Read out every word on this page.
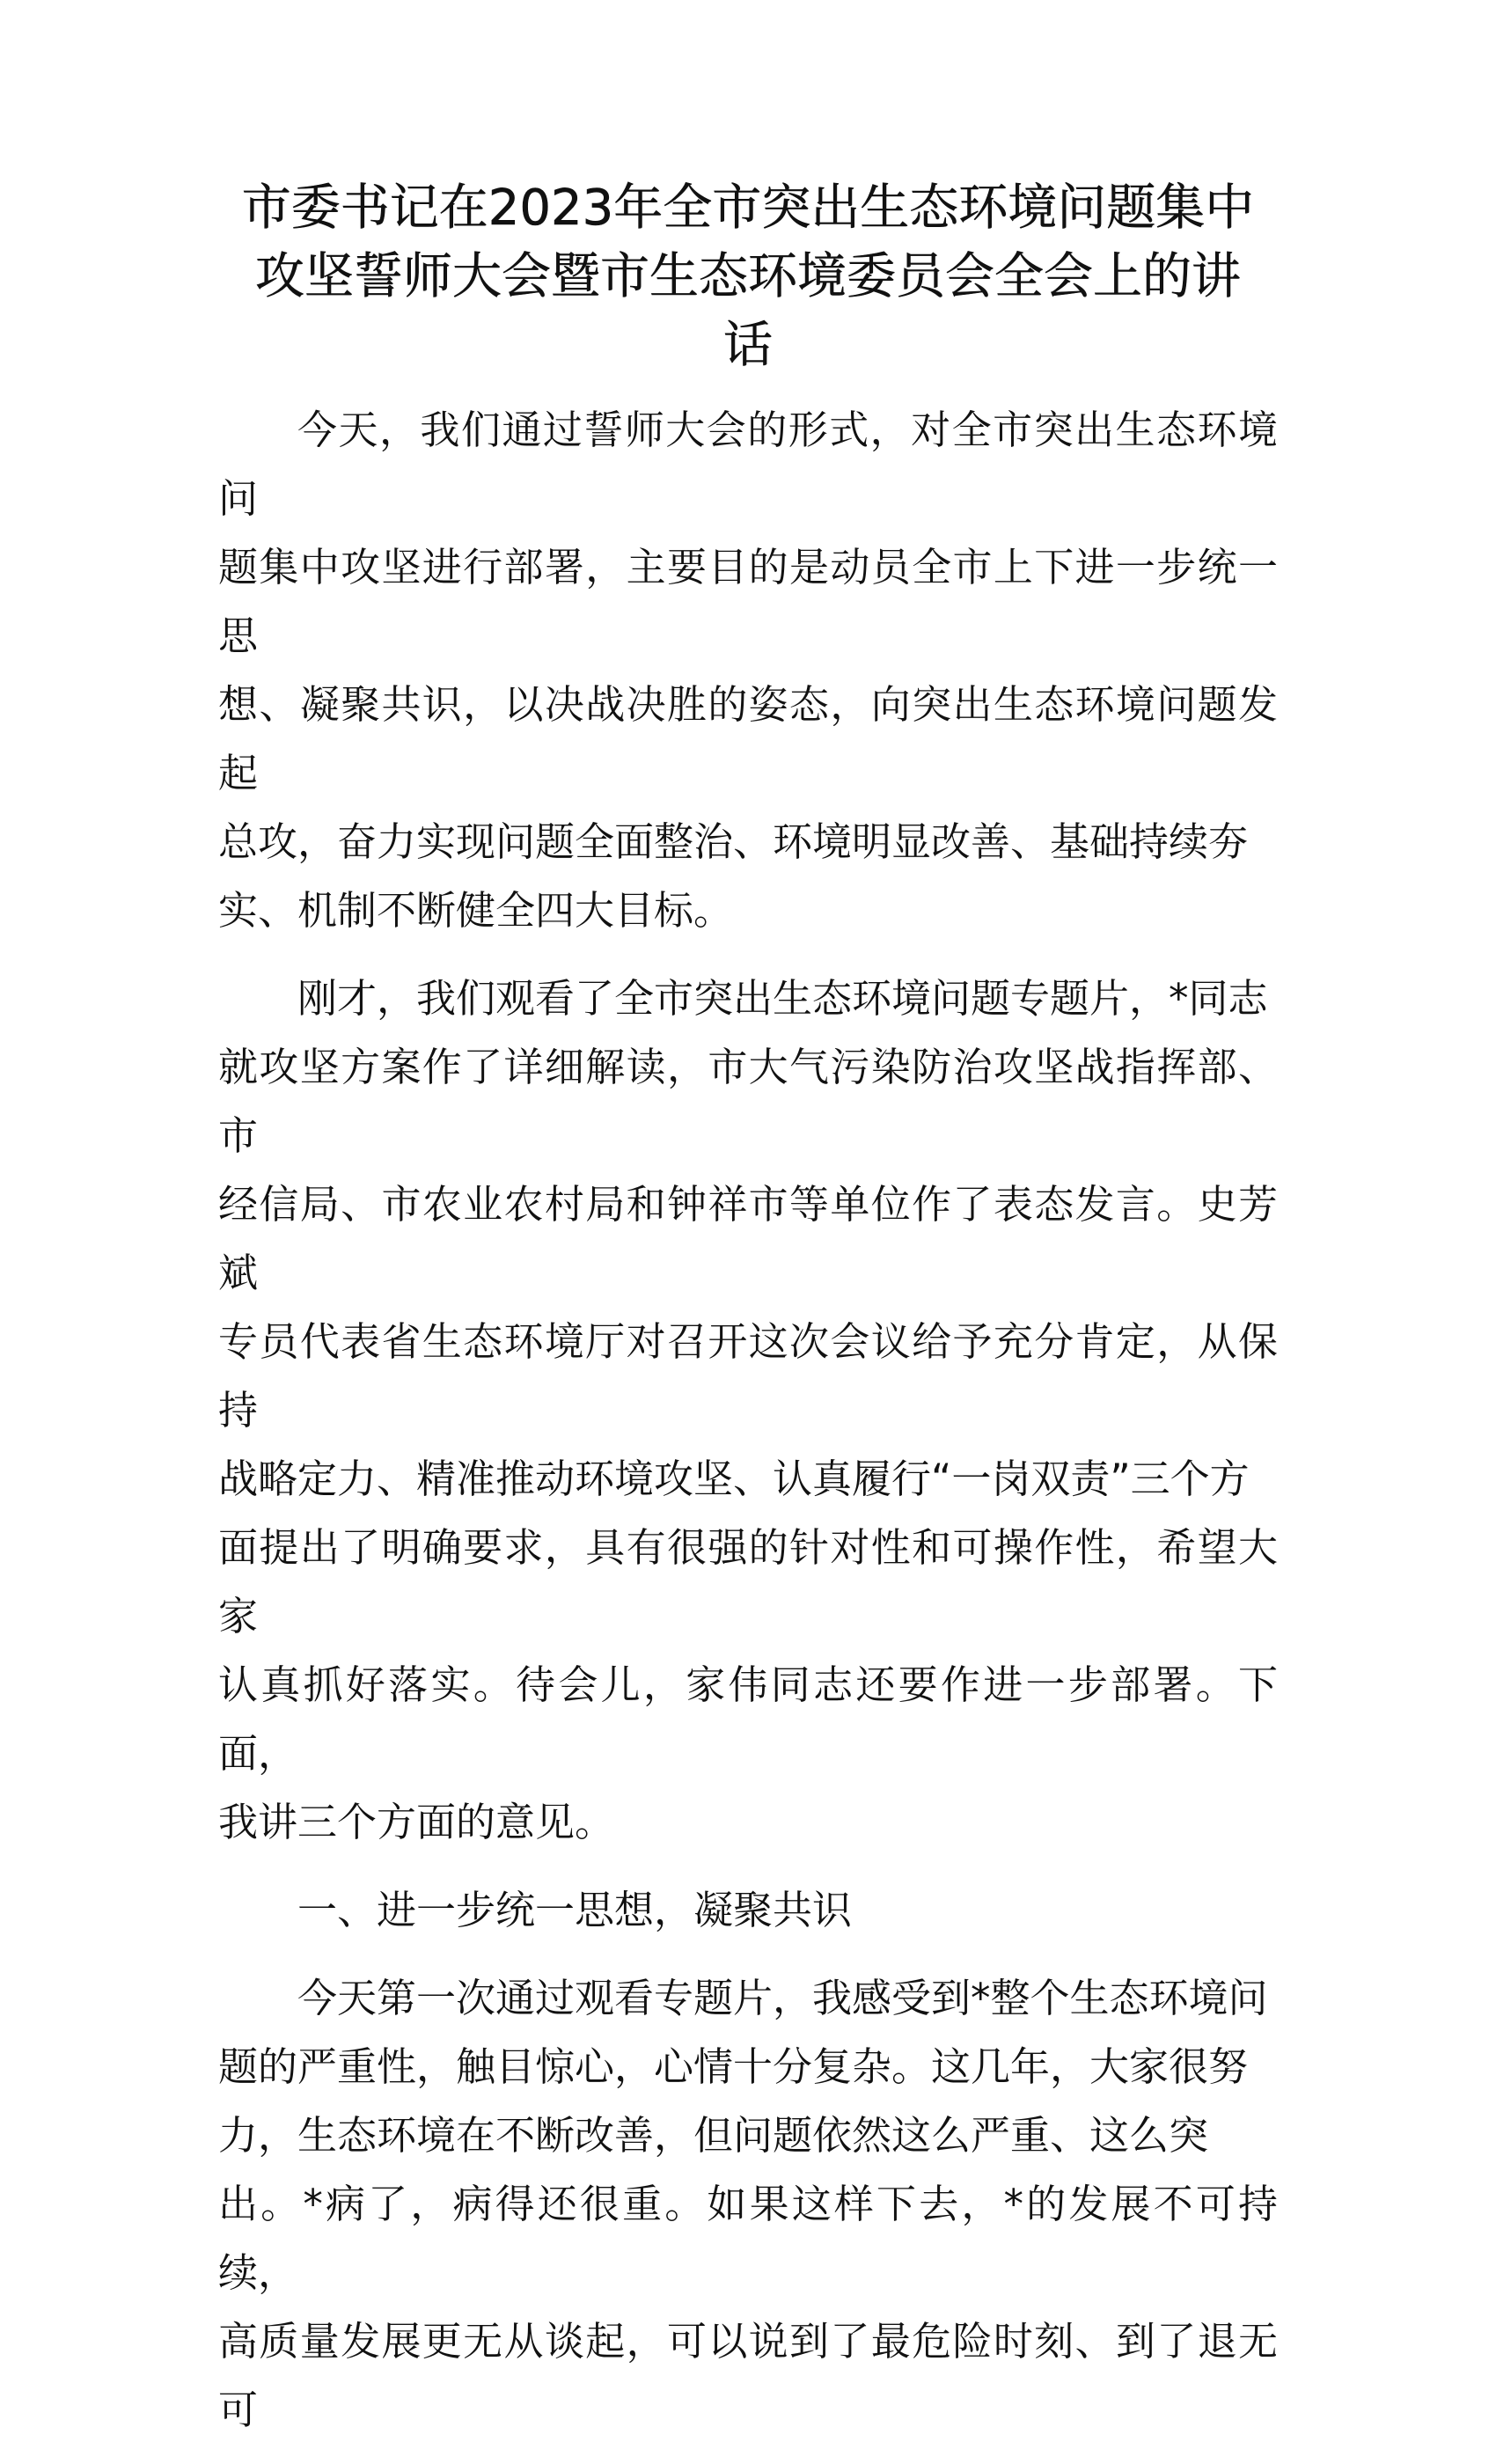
市委书记在2023年全市突出生态环境问题集中
攻坚誓师大会暨市生态环境委员会全会上的讲
话

今天，我们通过誓师大会的形式，对全市突出生态环境问
题集中攻坚进行部署，主要目的是动员全市上下进一步统一思
想、凝聚共识，以决战决胜的姿态，向突出生态环境问题发起
总攻，奋力实现问题全面整治、环境明显改善、基础持续夯
实、机制不断健全四大目标。

刚才，我们观看了全市突出生态环境问题专题片，*同志
就攻坚方案作了详细解读，市大气污染防治攻坚战指挥部、市
经信局、市农业农村局和钟祥市等单位作了表态发言。史芳斌
专员代表省生态环境厅对召开这次会议给予充分肯定，从保持
战略定力、精准推动环境攻坚、认真履行“一岗双责”三个方
面提出了明确要求，具有很强的针对性和可操作性，希望大家
认真抓好落实。待会儿，家伟同志还要作进一步部署。下面，
我讲三个方面的意见。

一、进一步统一思想，凝聚共识

今天第一次通过观看专题片，我感受到*整个生态环境问
题的严重性，触目惊心，心情十分复杂。这几年，大家很努
力，生态环境在不断改善，但问题依然这么严重、这么突
出。*病了，病得还很重。如果这样下去，*的发展不可持续，
高质量发展更无从谈起，可以说到了最危险时刻、到了退无可
